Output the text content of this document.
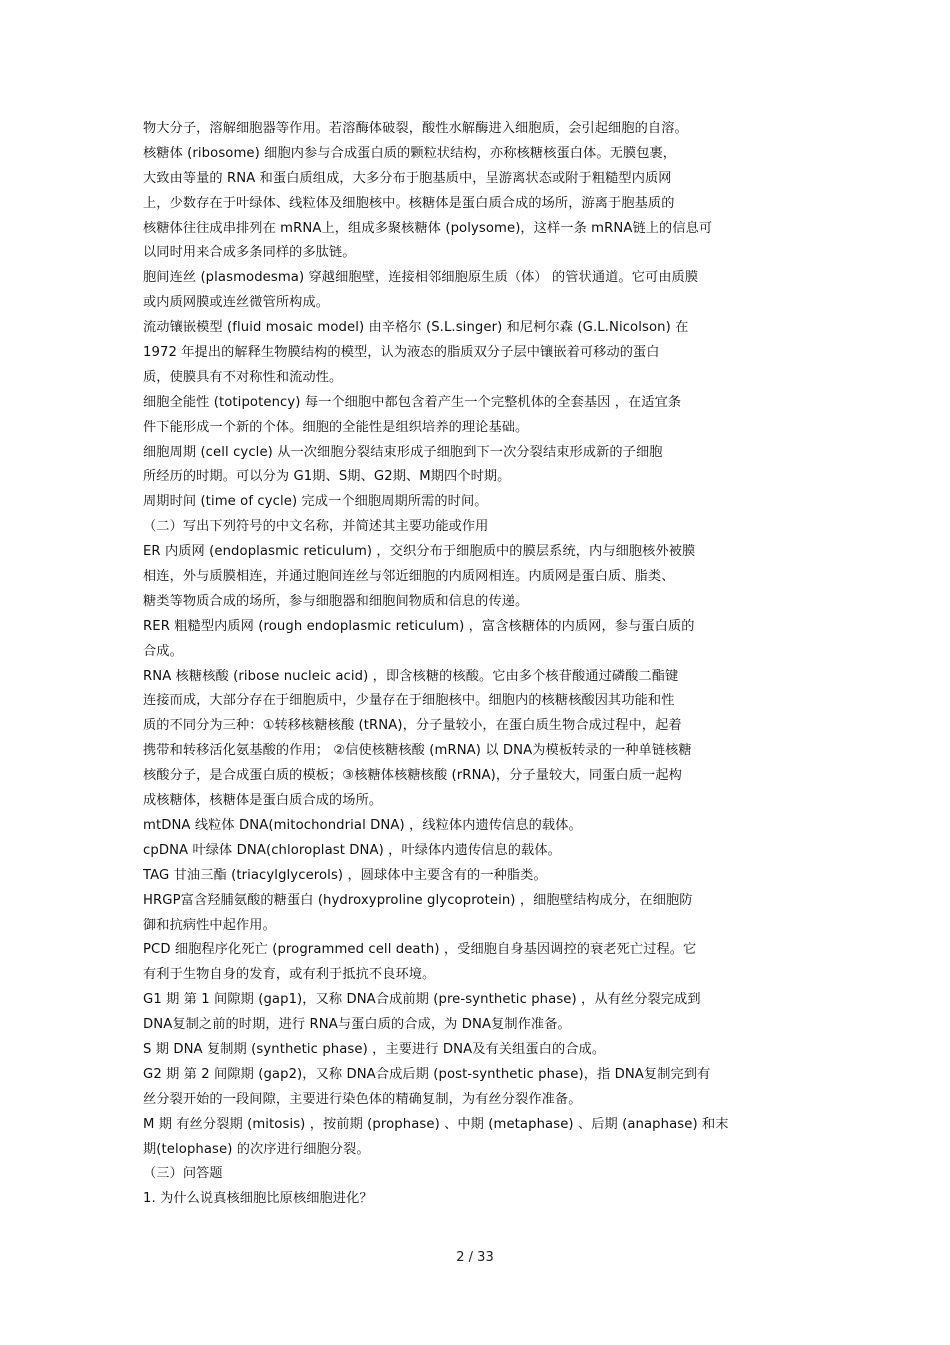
物大分子，溶解细胞器等作用。若溶酶体破裂，酸性水解酶进入细胞质，会引起细胞的自溶。
核糖体 (ribosome) 细胞内参与合成蛋白质的颗粒状结构，亦称核糖核蛋白体。无膜包裹，
大致由等量的 RNA 和蛋白质组成，大多分布于胞基质中，呈游离状态或附于粗糙型内质网
上，少数存在于叶绿体、线粒体及细胞核中。核糖体是蛋白质合成的场所，游离于胞基质的
核糖体往往成串排列在 mRNA上，组成多聚核糖体 (polysome)，这样一条 mRNA链上的信息可
以同时用来合成多条同样的多肽链。
胞间连丝 (plasmodesma) 穿越细胞壁，连接相邻细胞原生质（体） 的管状通道。它可由质膜
或内质网膜或连丝微管所构成。
流动镶嵌模型 (fluid mosaic model) 由辛格尔 (S.L.singer) 和尼柯尔森 (G.L.Nicolson) 在
1972 年提出的解释生物膜结构的模型，认为液态的脂质双分子层中镶嵌着可移动的蛋白
质，使膜具有不对称性和流动性。
细胞全能性 (totipotency) 每一个细胞中都包含着产生一个完整机体的全套基因 ，在适宜条
件下能形成一个新的个体。细胞的全能性是组织培养的理论基础。
细胞周期 (cell cycle) 从一次细胞分裂结束形成子细胞到下一次分裂结束形成新的子细胞
所经历的时期。可以分为 G1期、S期、G2期、M期四个时期。
周期时间 (time of cycle) 完成一个细胞周期所需的时间。
（二）写出下列符号的中文名称，并简述其主要功能或作用
ER 内质网 (endoplasmic reticulum) ，交织分布于细胞质中的膜层系统，内与细胞核外被膜
相连，外与质膜相连，并通过胞间连丝与邻近细胞的内质网相连。内质网是蛋白质、脂类、
糖类等物质合成的场所，参与细胞器和细胞间物质和信息的传递。
RER 粗糙型内质网 (rough endoplasmic reticulum) ，富含核糖体的内质网，参与蛋白质的
合成。
RNA 核糖核酸 (ribose nucleic acid) ，即含核糖的核酸。它由多个核苷酸通过磷酸二酯键
连接而成，大部分存在于细胞质中，少量存在于细胞核中。细胞内的核糖核酸因其功能和性
质的不同分为三种：①转移核糖核酸 (tRNA)，分子量较小，在蛋白质生物合成过程中，起着
携带和转移活化氨基酸的作用； ②信使核糖核酸 (mRNA) 以 DNA为模板转录的一种单链核糖
核酸分子，是合成蛋白质的模板；③核糖体核糖核酸 (rRNA)，分子量较大，同蛋白质一起构
成核糖体，核糖体是蛋白质合成的场所。
mtDNA 线粒体 DNA(mitochondrial DNA) ，线粒体内遗传信息的载体。
cpDNA 叶绿体 DNA(chloroplast DNA) ，叶绿体内遗传信息的载体。
TAG 甘油三酯 (triacylglycerols) ，圆球体中主要含有的一种脂类。
HRGP富含羟脯氨酸的糖蛋白 (hydroxyproline glycoprotein) ，细胞壁结构成分，在细胞防
御和抗病性中起作用。
PCD 细胞程序化死亡 (programmed cell death) ，受细胞自身基因调控的衰老死亡过程。它
有利于生物自身的发育，或有利于抵抗不良环境。
G1 期 第 1 间隙期 (gap1)，又称 DNA合成前期 (pre-synthetic phase) ，从有丝分裂完成到
DNA复制之前的时期，进行 RNA与蛋白质的合成，为 DNA复制作准备。
S 期 DNA 复制期 (synthetic phase) ，主要进行 DNA及有关组蛋白的合成。
G2 期 第 2 间隙期 (gap2)，又称 DNA合成后期 (post-synthetic phase)，指 DNA复制完到有
丝分裂开始的一段间隙，主要进行染色体的精确复制，为有丝分裂作准备。
M 期 有丝分裂期 (mitosis) ，按前期 (prophase) 、中期 (metaphase) 、后期 (anaphase) 和末
期(telophase) 的次序进行细胞分裂。
（三）问答题
1. 为什么说真核细胞比原核细胞进化？
2 / 33
